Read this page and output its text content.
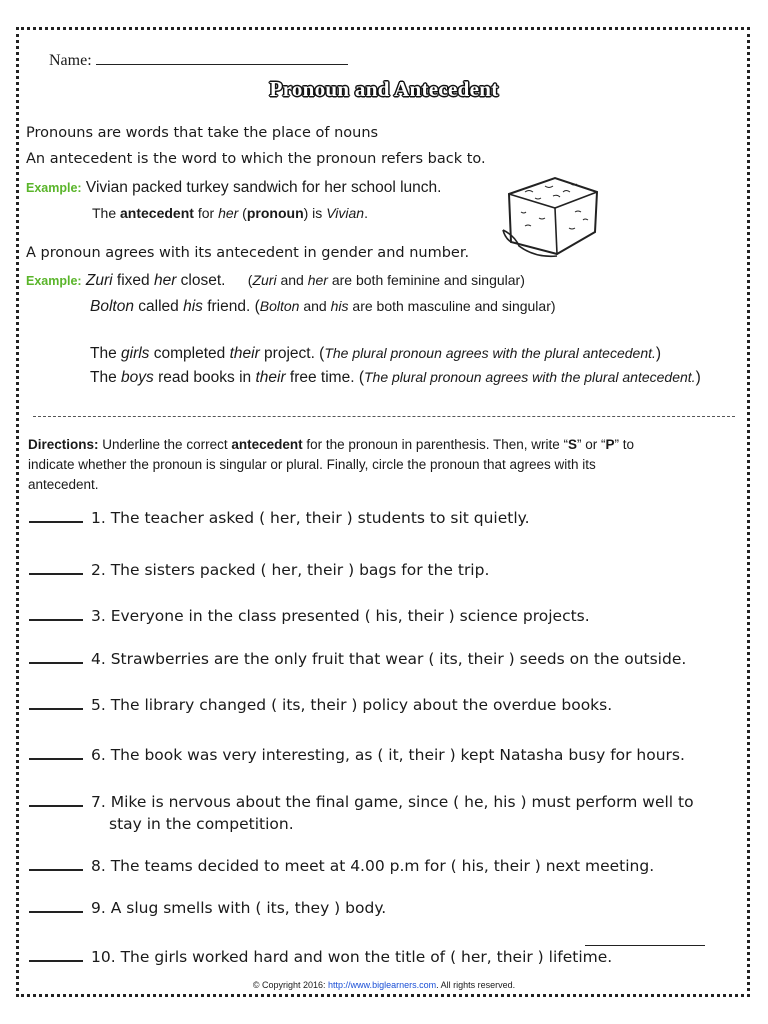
Name:
Pronoun and Antecedent
Pronouns are words that take the place of nouns
An antecedent is the word to which the pronoun refers back to.
Example: Vivian packed turkey sandwich for her school lunch.
The antecedent for her (pronoun) is Vivian.
A pronoun agrees with its antecedent in gender and number.
Example: Zuri fixed her closet. (Zuri and her are both feminine and singular)
Bolton called his friend. (Bolton and his are both masculine and singular)
The girls completed their project. (The plural pronoun agrees with the plural antecedent.)
The boys read books in their free time. (The plural pronoun agrees with the plural antecedent.)
Directions: Underline the correct antecedent for the pronoun in parenthesis. Then, write “S” or “P” to
indicate whether the pronoun is singular or plural. Finally, circle the pronoun that agrees with its
antecedent.
1. The teacher asked ( her, their ) students to sit quietly.
2. The sisters packed ( her, their ) bags for the trip.
3. Everyone in the class presented ( his, their ) science projects.
4. Strawberries are the only fruit that wear ( its, their ) seeds on the outside.
5. The library changed ( its, their ) policy about the overdue books.
6. The book was very interesting, as ( it, their ) kept Natasha busy for hours.
7. Mike is nervous about the final game, since ( he, his ) must perform well to
stay in the competition.
8. The teams decided to meet at 4.00 p.m for ( his, their ) next meeting.
9. A slug smells with ( its, they ) body.
10. The girls worked hard and won the title of ( her, their ) lifetime.
© Copyright 2016: http://www.biglearners.com. All rights reserved.
